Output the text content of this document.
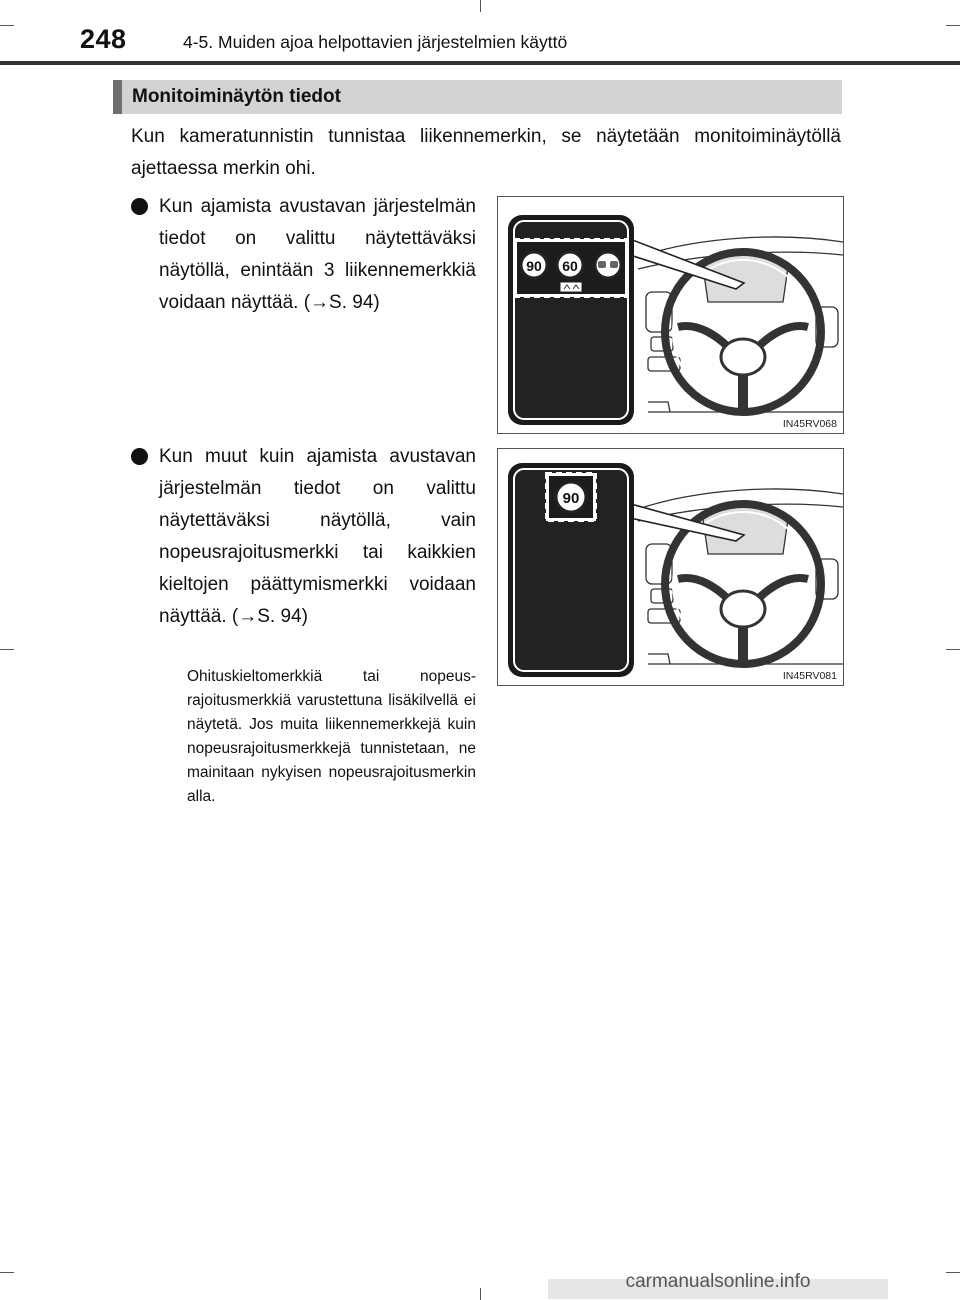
248	4-5. Muiden ajoa helpottavien järjestelmien käyttö
Monitoiminäytön tiedot
Kun kameratunnistin tunnistaa liikennemerkin, se näytetään monitoiminäytöllä ajettaessa merkin ohi.
Kun ajamista avustavan järjestelmän tiedot on valittu näytettäväksi näytöllä, enintään 3 liikennemerkkiä voidaan näyttää. (→S. 94)
Kun muut kuin ajamista avustavan järjestelmän tiedot on valittu näytettäväksi näytöllä, vain nopeusrajoitusmerkki tai kaikkien kieltojen päättymismerkki voidaan näyttää. (→S. 94)
Ohituskieltomerkkiä tai nopeusrajoitusmerkkiä varustettuna lisäkilvellä ei näytetä. Jos muita liikennemerkkejä kuin nopeusrajoitusmerkkejä tunnistetaan, ne mainitaan nykyisen nopeusrajoitusmerkin alla.
90 60
IN45RV068
90
IN45RV081
carmanualsonline.info
